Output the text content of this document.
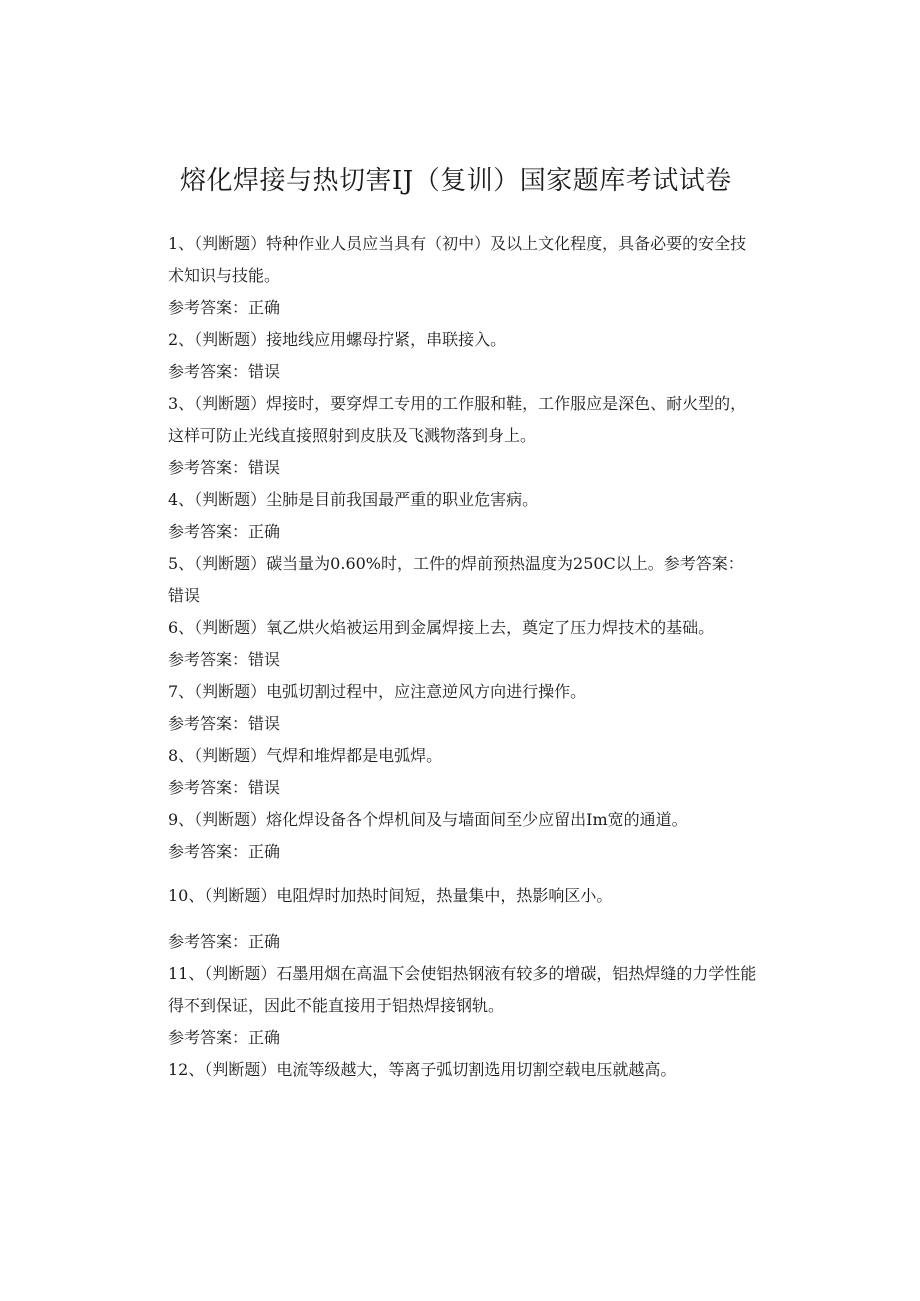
熔化焊接与热切害IJ（复训）国家题库考试试卷

1、（判断题）特种作业人员应当具有（初中）及以上文化程度，具备必要的安全技术知识与技能。

参考答案：正确

2、（判断题）接地线应用螺母拧紧，串联接入。

参考答案：错误

3、（判断题）焊接时，要穿焊工专用的工作服和鞋，工作服应是深色、耐火型的，这样可防止光线直接照射到皮肤及飞溅物落到身上。

参考答案：错误

4、（判断题）尘肺是目前我国最严重的职业危害病。

参考答案：正确

5、（判断题）碳当量为0.60%时，工件的焊前预热温度为250C以上。参考答案：错误

6、（判断题）氧乙烘火焰被运用到金属焊接上去，奠定了压力焊技术的基础。

参考答案：错误

7、（判断题）电弧切割过程中，应注意逆风方向进行操作。

参考答案：错误

8、（判断题）气焊和堆焊都是电弧焊。

参考答案：错误

9、（判断题）熔化焊设备各个焊机间及与墙面间至少应留出Im宽的通道。

参考答案：正确

10、（判断题）电阻焊时加热时间短，热量集中，热影响区小。

参考答案：正确

11、（判断题）石墨用烟在高温下会使铝热钢液有较多的增碳，铝热焊缝的力学性能得不到保证，因此不能直接用于铝热焊接钢轨。

参考答案：正确

12、（判断题）电流等级越大，等离子弧切割选用切割空载电压就越高。
